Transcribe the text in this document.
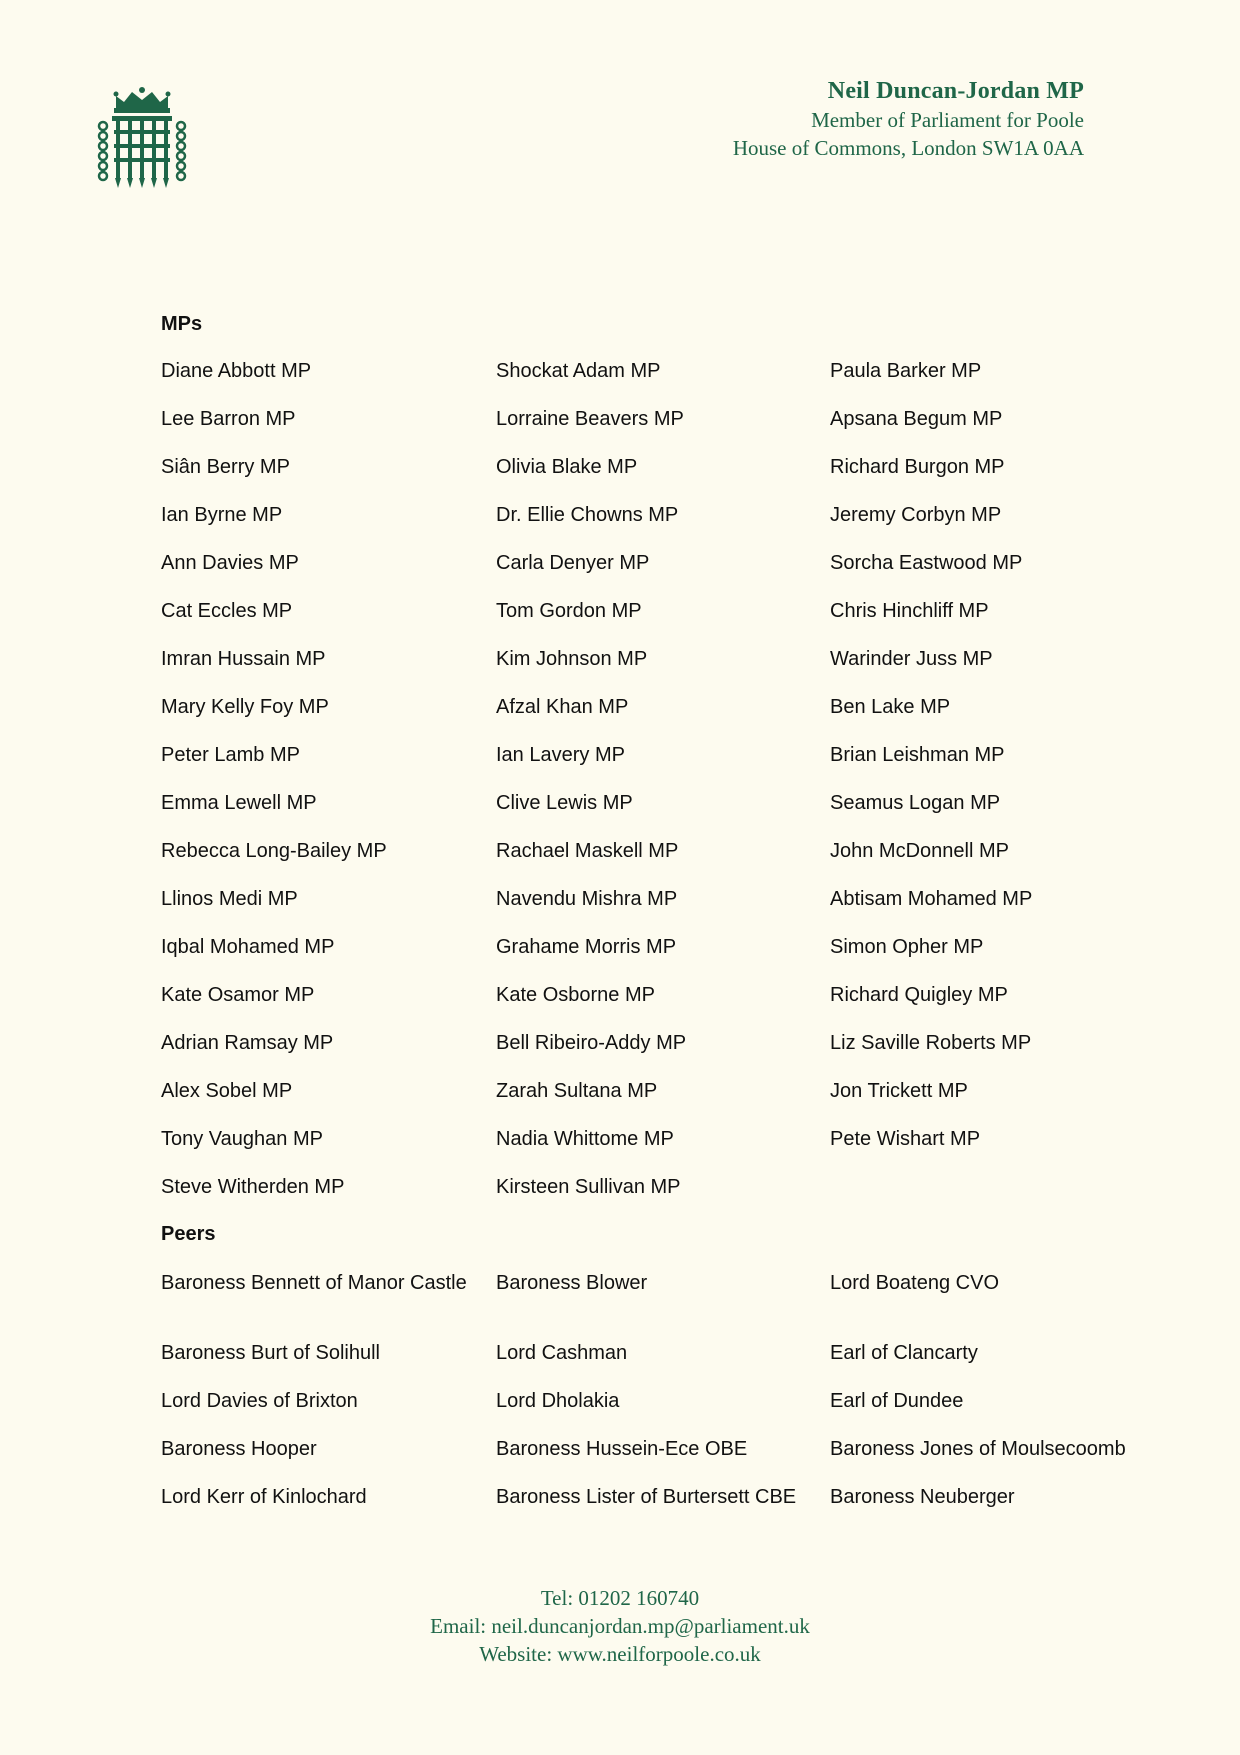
Neil Duncan-Jordan MP
Member of Parliament for Poole
House of Commons, London SW1A 0AA
MPs
Diane Abbott MP	Shockat Adam MP	Paula Barker MP
Lee Barron MP	Lorraine Beavers MP	Apsana Begum MP
Siân Berry MP	Olivia Blake MP	Richard Burgon MP
Ian Byrne MP	Dr. Ellie Chowns MP	Jeremy Corbyn MP
Ann Davies MP	Carla Denyer MP	Sorcha Eastwood MP
Cat Eccles MP	Tom Gordon MP	Chris Hinchliff MP
Imran Hussain MP	Kim Johnson MP	Warinder Juss MP
Mary Kelly Foy MP	Afzal Khan MP	Ben Lake MP
Peter Lamb MP	Ian Lavery MP	Brian Leishman MP
Emma Lewell MP	Clive Lewis MP	Seamus Logan MP
Rebecca Long-Bailey MP	Rachael Maskell MP	John McDonnell MP
Llinos Medi MP	Navendu Mishra MP	Abtisam Mohamed MP
Iqbal Mohamed MP	Grahame Morris MP	Simon Opher MP
Kate Osamor MP	Kate Osborne MP	Richard Quigley MP
Adrian Ramsay MP	Bell Ribeiro-Addy MP	Liz Saville Roberts MP
Alex Sobel MP	Zarah Sultana MP	Jon Trickett MP
Tony Vaughan MP	Nadia Whittome MP	Pete Wishart MP
Steve Witherden MP	Kirsteen Sullivan MP
Peers
Baroness Bennett of Manor Castle	Baroness Blower	Lord Boateng CVO
Baroness Burt of Solihull	Lord Cashman	Earl of Clancarty
Lord Davies of Brixton	Lord Dholakia	Earl of Dundee
Baroness Hooper	Baroness Hussein-Ece OBE	Baroness Jones of Moulsecoomb
Lord Kerr of Kinlochard	Baroness Lister of Burtersett CBE	Baroness Neuberger
Tel: 01202 160740
Email: neil.duncanjordan.mp@parliament.uk
Website: www.neilforpoole.co.uk
